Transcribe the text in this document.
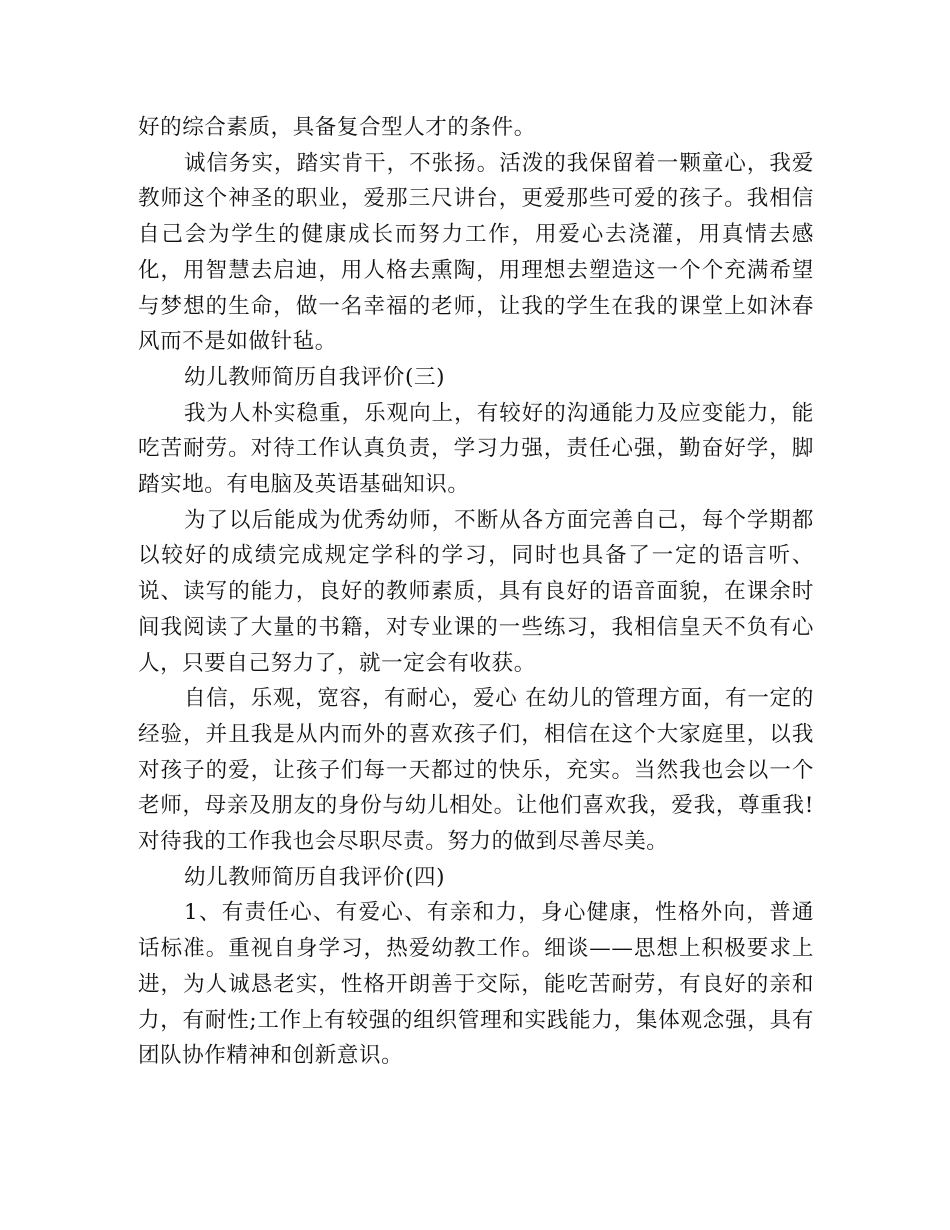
好的综合素质，具备复合型人才的条件。

诚信务实，踏实肯干，不张扬。活泼的我保留着一颗童心，我爱教师这个神圣的职业，爱那三尺讲台，更爱那些可爱的孩子。我相信自己会为学生的健康成长而努力工作，用爱心去浇灌，用真情去感化，用智慧去启迪，用人格去熏陶，用理想去塑造这一个个充满希望与梦想的生命，做一名幸福的老师，让我的学生在我的课堂上如沐春风而不是如做针毡。

幼儿教师简历自我评价(三)

我为人朴实稳重，乐观向上，有较好的沟通能力及应变能力，能吃苦耐劳。对待工作认真负责，学习力强，责任心强，勤奋好学，脚踏实地。有电脑及英语基础知识。

为了以后能成为优秀幼师，不断从各方面完善自己，每个学期都以较好的成绩完成规定学科的学习，同时也具备了一定的语言听、说、读写的能力，良好的教师素质，具有良好的语音面貌，在课余时间我阅读了大量的书籍，对专业课的一些练习，我相信皇天不负有心人，只要自己努力了，就一定会有收获。

自信，乐观，宽容，有耐心，爱心 在幼儿的管理方面，有一定的经验，并且我是从内而外的喜欢孩子们，相信在这个大家庭里，以我对孩子的爱，让孩子们每一天都过的快乐，充实。当然我也会以一个老师，母亲及朋友的身份与幼儿相处。让他们喜欢我，爱我，尊重我!对待我的工作我也会尽职尽责。努力的做到尽善尽美。

幼儿教师简历自我评价(四)

1、有责任心、有爱心、有亲和力，身心健康，性格外向，普通话标准。重视自身学习，热爱幼教工作。细谈——思想上积极要求上进，为人诚恳老实，性格开朗善于交际，能吃苦耐劳，有良好的亲和力，有耐性;工作上有较强的组织管理和实践能力，集体观念强，具有团队协作精神和创新意识。
